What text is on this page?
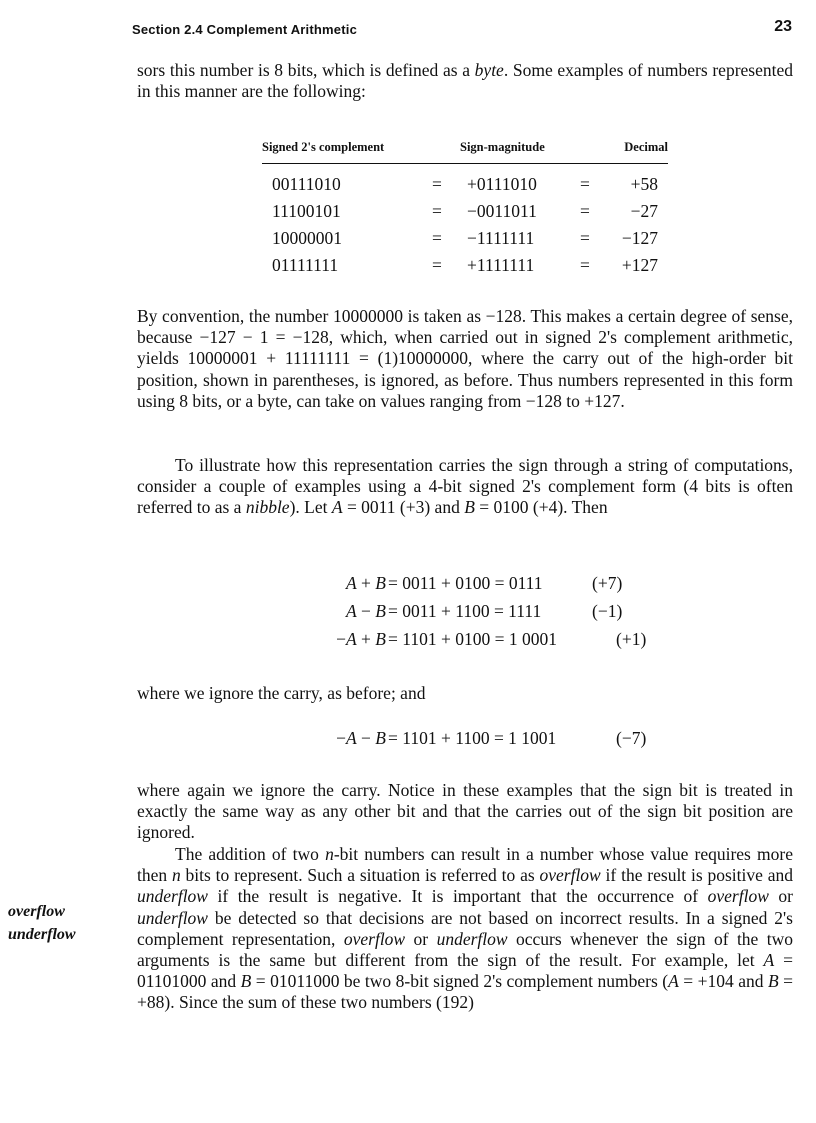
Section 2.4 Complement Arithmetic	23

sors this number is 8 bits, which is defined as a byte. Some examples of numbers represented in this manner are the following:

Signed 2's complement	Sign-magnitude	Decimal
00111010	= +0111010 = +58
11100101	= −0011011 = −27
10000001	= −1111111	= −127
01111111	= +1111111	= +127

By convention, the number 10000000 is taken as −128. This makes a certain degree of sense, because −127 − 1 = −128, which, when carried out in signed 2's complement arithmetic, yields 10000001 + 11111111 = (1)10000000, where the carry out of the high-order bit position, shown in parentheses, is ignored, as before. Thus numbers represented in this form using 8 bits, or a byte, can take on values ranging from −128 to +127.

To illustrate how this representation carries the sign through a string of computations, consider a couple of examples using a 4-bit signed 2's complement form (4 bits is often referred to as a nibble). Let A = 0011 (+3) and B = 0100 (+4). Then

A + B = 0011 + 0100 = 0111	(+7)
A − B = 0011 + 1100 = 1111	(−1)
−A + B = 1101 + 0100 = 1 0001	(+1)

where we ignore the carry, as before; and

−A − B = 1101 + 1100 = 1 1001	(−7)

where again we ignore the carry. Notice in these examples that the sign bit is treated in exactly the same way as any other bit and that the carries out of the sign bit position are ignored.

The addition of two n-bit numbers can result in a number whose value requires more then n bits to represent. Such a situation is referred to as overflow if the result is positive and underflow if the result is negative. It is important that the occurrence of overflow or underflow be detected so that decisions are not based on incorrect results. In a signed 2's complement representation, overflow or underflow occurs whenever the sign of the two arguments is the same but different from the sign of the result. For example, let A = 01101000 and B = 01011000 be two 8-bit signed 2's complement numbers (A = +104 and B = +88). Since the sum of these two numbers (192)

overflow
underflow
